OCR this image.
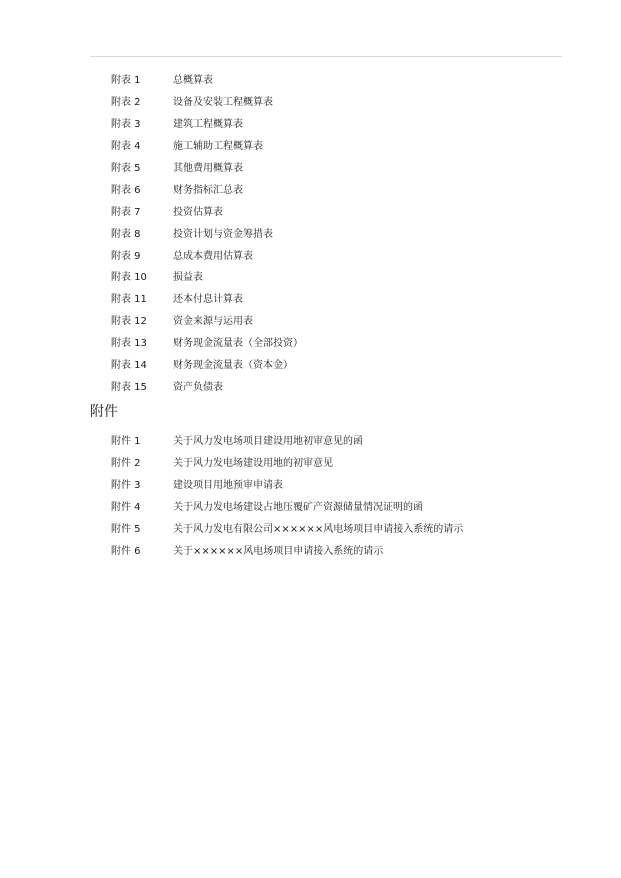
附表 1	总概算表
附表 2	设备及安装工程概算表
附表 3	建筑工程概算表
附表 4	施工辅助工程概算表
附表 5	其他费用概算表
附表 6	财务指标汇总表
附表 7	投资估算表
附表 8	投资计划与资金筹措表
附表 9	总成本费用估算表
附表 10	损益表
附表 11	还本付息计算表
附表 12	资金来源与运用表
附表 13	财务现金流量表（全部投资）
附表 14	财务现金流量表（资本金）
附表 15	资产负债表
附件
附件 1	关于风力发电场项目建设用地初审意见的函
附件 2	关于风力发电场建设用地的初审意见
附件 3	建设项目用地预审申请表
附件 4	关于风力发电场建设占地压覆矿产资源储量情况证明的函
附件 5	关于风力发电有限公司××××××风电场项目申请接入系统的请示
附件 6	关于××××××风电场项目申请接入系统的请示
